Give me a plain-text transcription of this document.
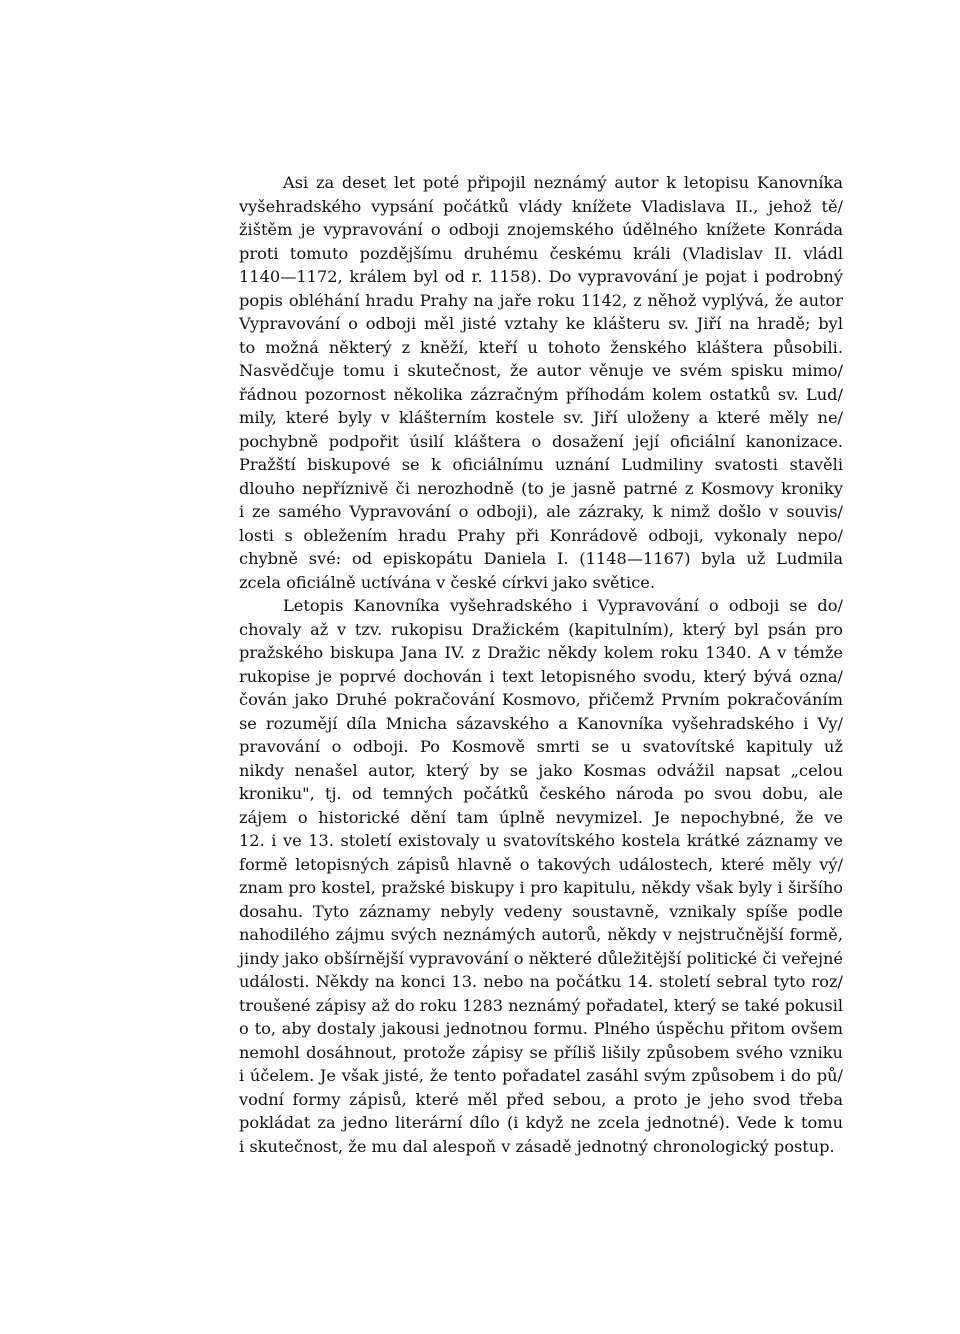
Asi za deset let poté připojil neznámý autor k letopisu Kanovníka
vyšehradského vypsání počátků vlády knížete Vladislava II., jehož tě/
žištěm je vypravování o odboji znojemského údělného knížete Konráda
proti tomuto pozdějšímu druhému českému králi (Vladislav II. vládl
1140—1172, králem byl od r. 1158). Do vypravování je pojat i podrobný
popis obléhání hradu Prahy na jaře roku 1142, z něhož vyplývá, že autor
Vypravování o odboji měl jisté vztahy ke klášteru sv. Jiří na hradě; byl
to možná některý z kněží, kteří u tohoto ženského kláštera působili.
Nasvědčuje tomu i skutečnost, že autor věnuje ve svém spisku mimo/
řádnou pozornost několika zázračným příhodám kolem ostatků sv. Lud/
mily, které byly v klášterním kostele sv. Jiří uloženy a které měly ne/
pochybně podpořit úsilí kláštera o dosažení její oficiální kanonizace.
Pražští biskupové se k oficiálnímu uznání Ludmiliny svatosti stavěli
dlouho nepříznivě či nerozhodně (to je jasně patrné z Kosmovy kroniky
i ze samého Vypravování o odboji), ale zázraky, k nimž došlo v souvis/
losti s obležením hradu Prahy při Konrádově odboji, vykonaly nepo/
chybně své: od episkopátu Daniela I. (1148—1167) byla už Ludmila
zcela oficiálně uctívána v české církvi jako světice.
Letopis Kanovníka vyšehradského i Vypravování o odboji se do/
chovaly až v tzv. rukopisu Dražickém (kapitulním), který byl psán pro
pražského biskupa Jana IV. z Dražic někdy kolem roku 1340. A v témže
rukopise je poprvé dochován i text letopisného svodu, který bývá ozna/
čován jako Druhé pokračování Kosmovo, přičemž Prvním pokračováním
se rozumějí díla Mnicha sázavského a Kanovníka vyšehradského i Vy/
pravování o odboji. Po Kosmově smrti se u svatovítské kapituly už
nikdy nenašel autor, který by se jako Kosmas odvážil napsat „celou
kroniku", tj. od temných počátků českého národa po svou dobu, ale
zájem o historické dění tam úplně nevymizel. Je nepochybné, že ve
12. i ve 13. století existovaly u svatovítského kostela krátké záznamy ve
formě letopisných zápisů hlavně o takových událostech, které měly vý/
znam pro kostel, pražské biskupy i pro kapitulu, někdy však byly i širšího
dosahu. Tyto záznamy nebyly vedeny soustavně, vznikaly spíše podle
nahodilého zájmu svých neznámých autorů, někdy v nejstručnější formě,
jindy jako obšírnější vypravování o některé důležitější politické či veřejné
události. Někdy na konci 13. nebo na počátku 14. století sebral tyto roz/
troušené zápisy až do roku 1283 neznámý pořadatel, který se také pokusil
o to, aby dostaly jakousi jednotnou formu. Plného úspěchu přitom ovšem
nemohl dosáhnout, protože zápisy se příliš lišily způsobem svého vzniku
i účelem. Je však jisté, že tento pořadatel zasáhl svým způsobem i do pů/
vodní formy zápisů, které měl před sebou, a proto je jeho svod třeba
pokládat za jedno literární dílo (i když ne zcela jednotné). Vede k tomu
i skutečnost, že mu dal alespoň v zásadě jednotný chronologický postup.
